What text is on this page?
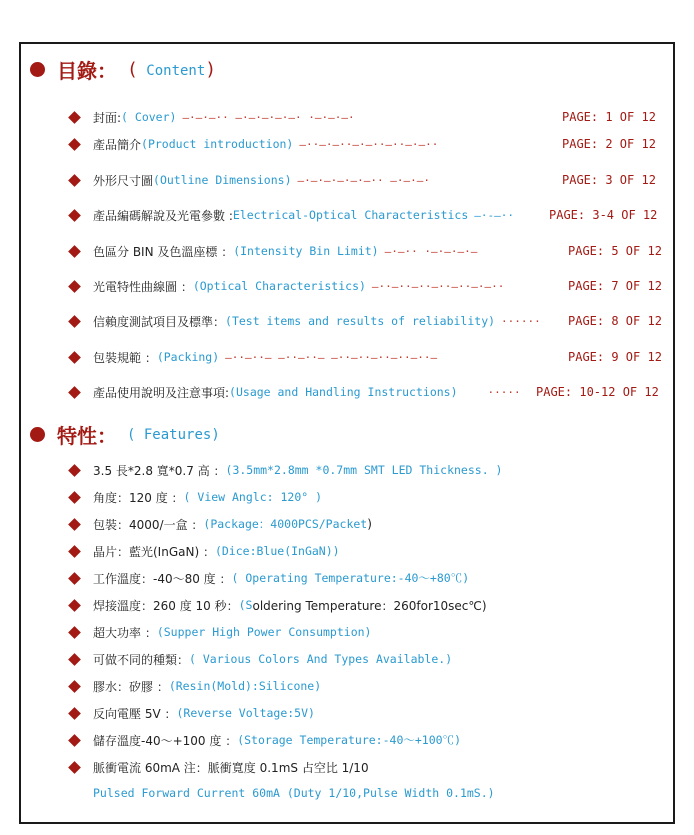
目錄： ( Content)
封面: ( Cover) —·—·—·· —·—·—·—·—· ·—·—·—·	PAGE: 1 OF 12
產品簡介 (Product introduction) —··—·—··—·—··—··—·—··	PAGE: 2 OF 12
外形尺寸圖 (Outline Dimensions) —·—·—·—·—·—·· —·—·—·	PAGE: 3 OF 12
產品編碼解說及光電參數 : Electrical-Optical Characteristics —·-—··	PAGE: 3-4 OF 12
色區分 BIN 及色溫座標 ： (Intensity Bin Limit) —·—·· ·—·—·—·—	PAGE: 5 OF 12
光電特性曲線圖 ： (Optical Characteristics) —··—··—··—··—··—·—··	PAGE: 7 OF 12
信賴度測試項目及標準： (Test items and results of reliability) ······ PAGE: 8 OF 12
包裝規範 ： (Packing) —··—··— —··—··— —··—··—··—··—··—	PAGE: 9 OF 12
產品使用說明及注意事項: (Usage and Handling Instructions)	····· PAGE: 10-12 OF 12
特性： ( Features)
3.5 長*2.8 寬*0.7 高 ： (3.5mm*2.8mm *0.7mm SMT LED Thickness. )
角度：120 度 ： ( View Anglc: 120° )
包裝：4000/一盒 ： (Package：4000PCS/Packet )
晶片：藍光(InGaN) ： (Dice:Blue(InGaN))
工作溫度：-40～80 度 ： ( Operating Temperature:-40～+80℃)
焊接溫度：260 度 10 秒： (S oldering Temperature：260for10sec℃)
超大功率 ： (Supper High Power Consumption)
可做不同的種類： ( Various Colors And Types Available.)
膠水：矽膠 ： (Resin(Mold):Silicone)
反向電壓 5V ： (Reverse Voltage:5V)
儲存溫度-40～+100 度 ： (Storage Temperature:-40～+100℃)
脈衝電流 60mA 注：脈衝寬度 0.1mS 占空比 1/10
Pulsed Forward Current 60mA (Duty 1/10,Pulse Width 0.1mS.)
